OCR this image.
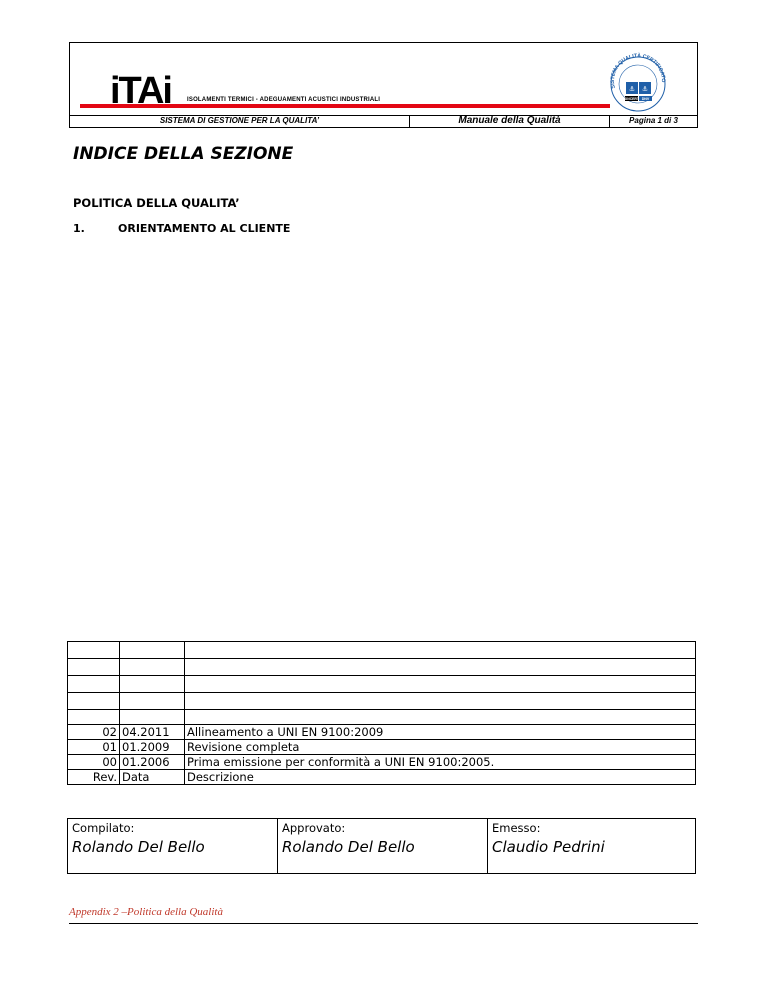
iTAi	ISOLAMENTI TERMICI - ADEGUAMENTI ACUSTICI INDUSTRIALI
SISTEMA QUALITÀ CERTIFICATO
⚓ ⚓
SINCERT DNV
SISTEMA DI GESTIONE PER LA QUALITA’	Manuale della Qualità	Pagina 1 di 3
INDICE DELLA SEZIONE
POLITICA DELLA QUALITA’
1.	ORIENTAMENTO AL CLIENTE

02	04.2011	Allineamento a UNI EN 9100:2009
01	01.2009	Revisione completa
00	01.2006	Prima emissione per conformità a UNI EN 9100:2005.
Rev.	Data	Descrizione
Compilato:
Rolando Del Bello
Approvato:
Rolando Del Bello
Emesso:
Claudio Pedrini
Appendix 2 –Politica della Qualità
